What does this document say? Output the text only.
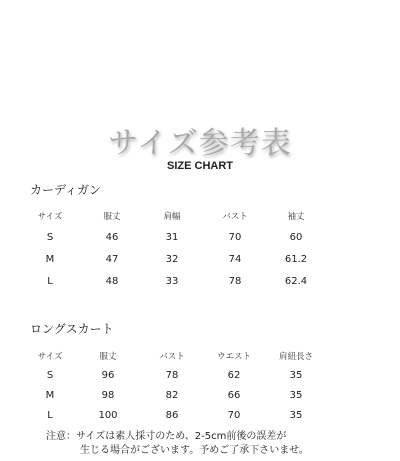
サイズ参考表
SIZE CHART
カーディガン
サイズ	服丈	肩幅	バスト	袖丈
S	46	31	70	60
M	47	32	74	61.2
L	48	33	78	62.4
ロングスカート
サイズ	服丈	バスト	ウエスト	肩紐長さ
S	96	78	62	35
M	98	82	66	35
L	100	86	70	35
注意：サイズは素人採寸のため、2-5cm前後の誤差が
生じる場合がございます。予めご了承下さいませ。
